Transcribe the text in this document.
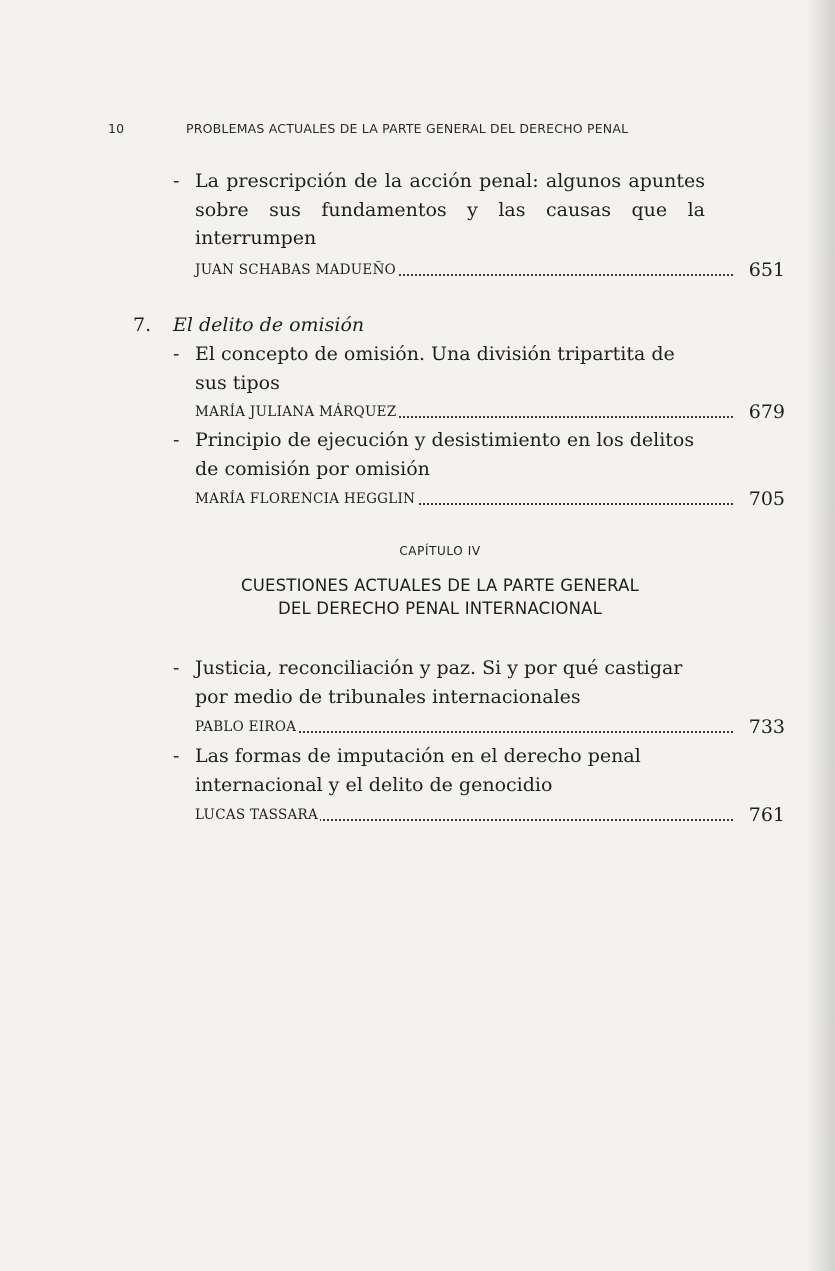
10	PROBLEMAS ACTUALES DE LA PARTE GENERAL DEL DERECHO PENAL
- La prescripción de la acción penal: algunos apuntes sobre sus fundamentos y las causas que la interrumpen
JUAN SCHABAS MADUEÑO	651
7. El delito de omisión
- El concepto de omisión. Una división tripartita de sus tipos
MARÍA JULIANA MÁRQUEZ	679
- Principio de ejecución y desistimiento en los delitos de comisión por omisión
MARÍA FLORENCIA HEGGLIN	705
CAPÍTULO IV
CUESTIONES ACTUALES DE LA PARTE GENERAL
DEL DERECHO PENAL INTERNACIONAL
- Justicia, reconciliación y paz. Si y por qué castigar por medio de tribunales internacionales
PABLO EIROA	733
- Las formas de imputación en el derecho penal internacional y el delito de genocidio
LUCAS TASSARA	761
